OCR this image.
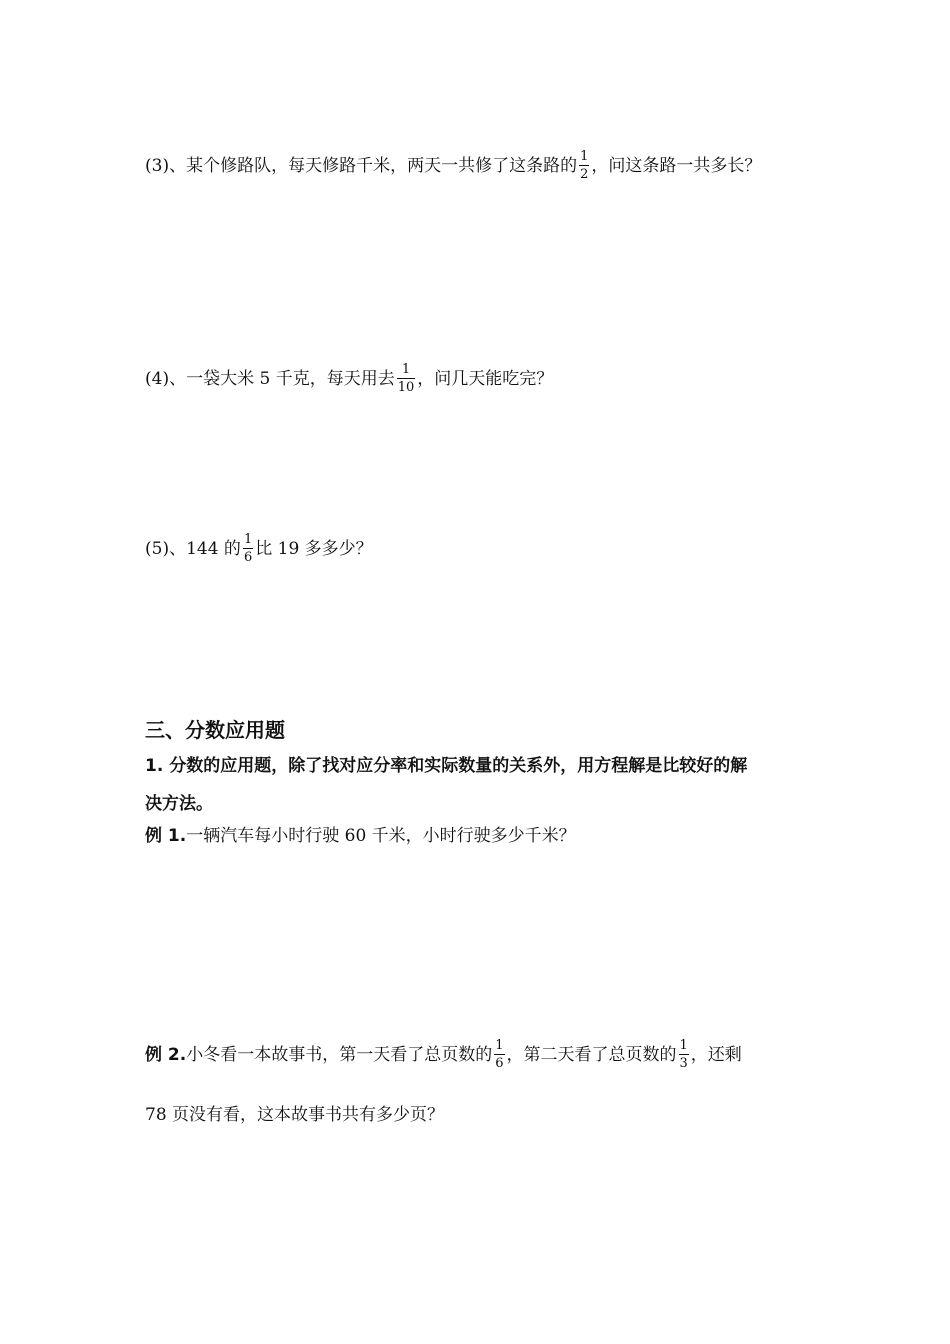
(3)、某个修路队，每天修路千米，两天一共修了这条路的 $\frac{1}{2}$ ，问这条路一共多长？
(4)、一袋大米 5 千克，每天用去 $\frac{1}{10}$ ，问几天能吃完？
(5)、144 的 $\frac{1}{6}$ 比 19 多多少？
三、分数应用题
1. 分数的应用题，除了找对应分率和实际数量的关系外，用方程解是比较好的解
决方法。
例 1.一辆汽车每小时行驶 60 千米，小时行驶多少千米？
例 2.小冬看一本故事书，第一天看了总页数的 $\frac{1}{6}$ ，第二天看了总页数的 $\frac{1}{3}$ ，还剩
78 页没有看，这本故事书共有多少页？
